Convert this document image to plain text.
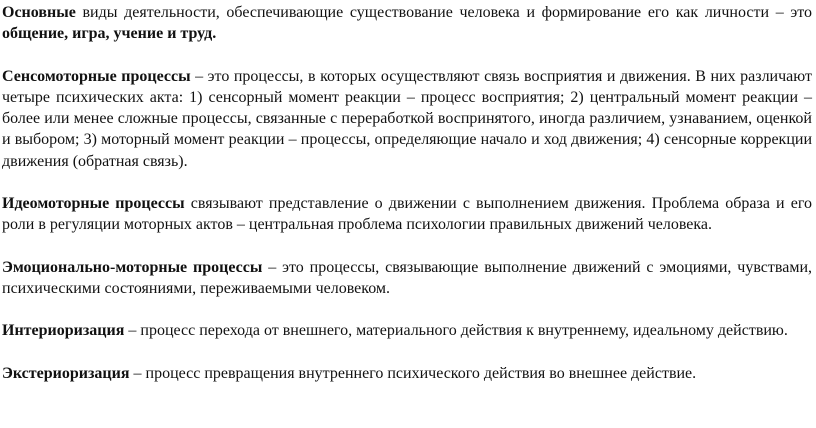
Основные виды деятельности, обеспечивающие существование человека и формирование его как личности – это общение, игра, учение и труд.

Сенсомоторные процессы – это процессы, в которых осуществляют связь восприятия и движения. В них различают четыре психических акта: 1) сенсорный момент реакции – процесс восприятия; 2) центральный момент реакции – более или менее сложные процессы, связанные с переработкой воспринятого, иногда различием, узнаванием, оценкой и выбором; 3) моторный момент реакции – процессы, определяющие начало и ход движения; 4) сенсорные коррекции движения (обратная связь).

Идеомоторные процессы связывают представление о движении с выполнением движения. Проблема образа и его роли в регуляции моторных актов – центральная проблема психологии правильных движений человека.

Эмоционально-моторные процессы – это процессы, связывающие выполнение движений с эмоциями, чувствами, психическими состояниями, переживаемыми человеком.

Интериоризация – процесс перехода от внешнего, материального действия к внутреннему, идеальному действию.

Экстериоризация – процесс превращения внутреннего психического действия во внешнее действие.
